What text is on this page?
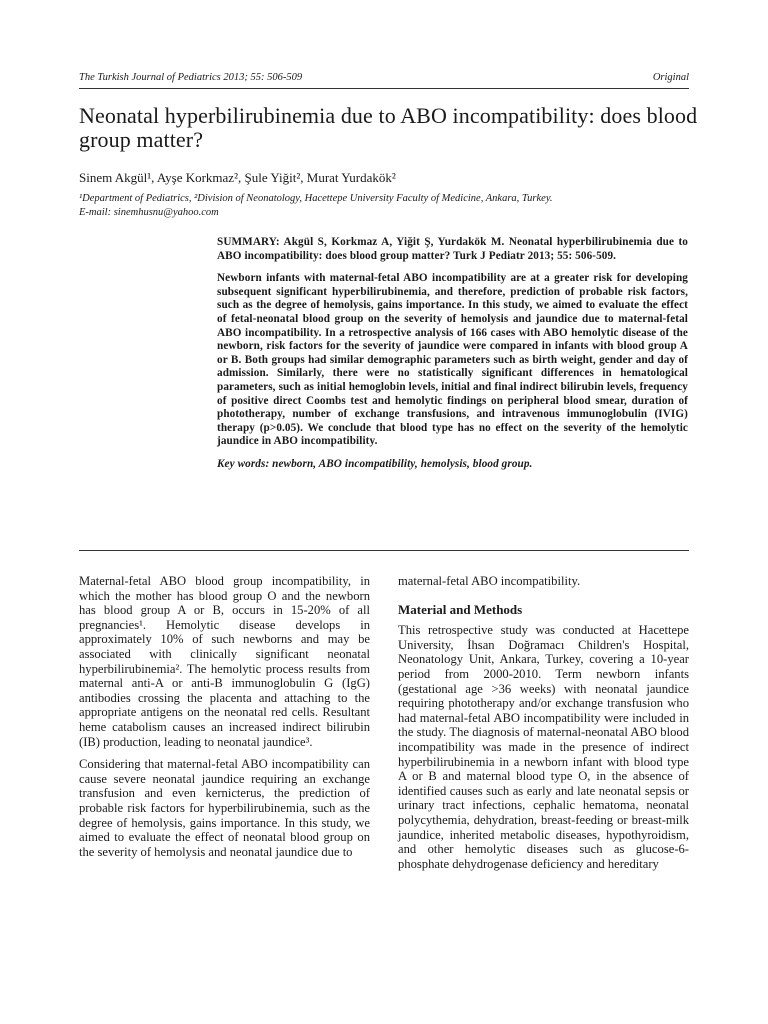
The Turkish Journal of Pediatrics 2013; 55: 506-509	Original
Neonatal hyperbilirubinemia due to ABO incompatibility: does blood group matter?
Sinem Akgül¹, Ayşe Korkmaz², Şule Yiğit², Murat Yurdakök²
¹Department of Pediatrics, ²Division of Neonatology, Hacettepe University Faculty of Medicine, Ankara, Turkey.
E-mail: sinemhusnu@yahoo.com

SUMMARY: Akgül S, Korkmaz A, Yiğit Ş, Yurdakök M. Neonatal hyperbilirubinemia due to ABO incompatibility: does blood group matter? Turk J Pediatr 2013; 55: 506-509.

Newborn infants with maternal-fetal ABO incompatibility are at a greater risk for developing subsequent significant hyperbilirubinemia, and therefore, prediction of probable risk factors, such as the degree of hemolysis, gains importance. In this study, we aimed to evaluate the effect of fetal-neonatal blood group on the severity of hemolysis and jaundice due to maternal-fetal ABO incompatibility. In a retrospective analysis of 166 cases with ABO hemolytic disease of the newborn, risk factors for the severity of jaundice were compared in infants with blood group A or B. Both groups had similar demographic parameters such as birth weight, gender and day of admission. Similarly, there were no statistically significant differences in hematological parameters, such as initial hemoglobin levels, initial and final indirect bilirubin levels, frequency of positive direct Coombs test and hemolytic findings on peripheral blood smear, duration of phototherapy, number of exchange transfusions, and intravenous immunoglobulin (IVIG) therapy (p>0.05). We conclude that blood type has no effect on the severity of the hemolytic jaundice in ABO incompatibility.

Key words: newborn, ABO incompatibility, hemolysis, blood group.

Maternal-fetal ABO blood group incompatibility, in which the mother has blood group O and the newborn has blood group A or B, occurs in 15-20% of all pregnancies¹. Hemolytic disease develops in approximately 10% of such newborns and may be associated with clinically significant neonatal hyperbilirubinemia². The hemolytic process results from maternal anti-A or anti-B immunoglobulin G (IgG) antibodies crossing the placenta and attaching to the appropriate antigens on the neonatal red cells. Resultant heme catabolism causes an increased indirect bilirubin (IB) production, leading to neonatal jaundice³.

Considering that maternal-fetal ABO incompatibility can cause severe neonatal jaundice requiring an exchange transfusion and even kernicterus, the prediction of probable risk factors for hyperbilirubinemia, such as the degree of hemolysis, gains importance. In this study, we aimed to evaluate the effect of neonatal blood group on the severity of hemolysis and neonatal jaundice due to

maternal-fetal ABO incompatibility.

Material and Methods

This retrospective study was conducted at Hacettepe University, İhsan Doğramacı Children's Hospital, Neonatology Unit, Ankara, Turkey, covering a 10-year period from 2000-2010. Term newborn infants (gestational age >36 weeks) with neonatal jaundice requiring phototherapy and/or exchange transfusion who had maternal-fetal ABO incompatibility were included in the study. The diagnosis of maternal-neonatal ABO blood incompatibility was made in the presence of indirect hyperbilirubinemia in a newborn infant with blood type A or B and maternal blood type O, in the absence of identified causes such as early and late neonatal sepsis or urinary tract infections, cephalic hematoma, neonatal polycythemia, dehydration, breast-feeding or breast-milk jaundice, inherited metabolic diseases, hypothyroidism, and other hemolytic diseases such as glucose-6-phosphate dehydrogenase deficiency and hereditary
